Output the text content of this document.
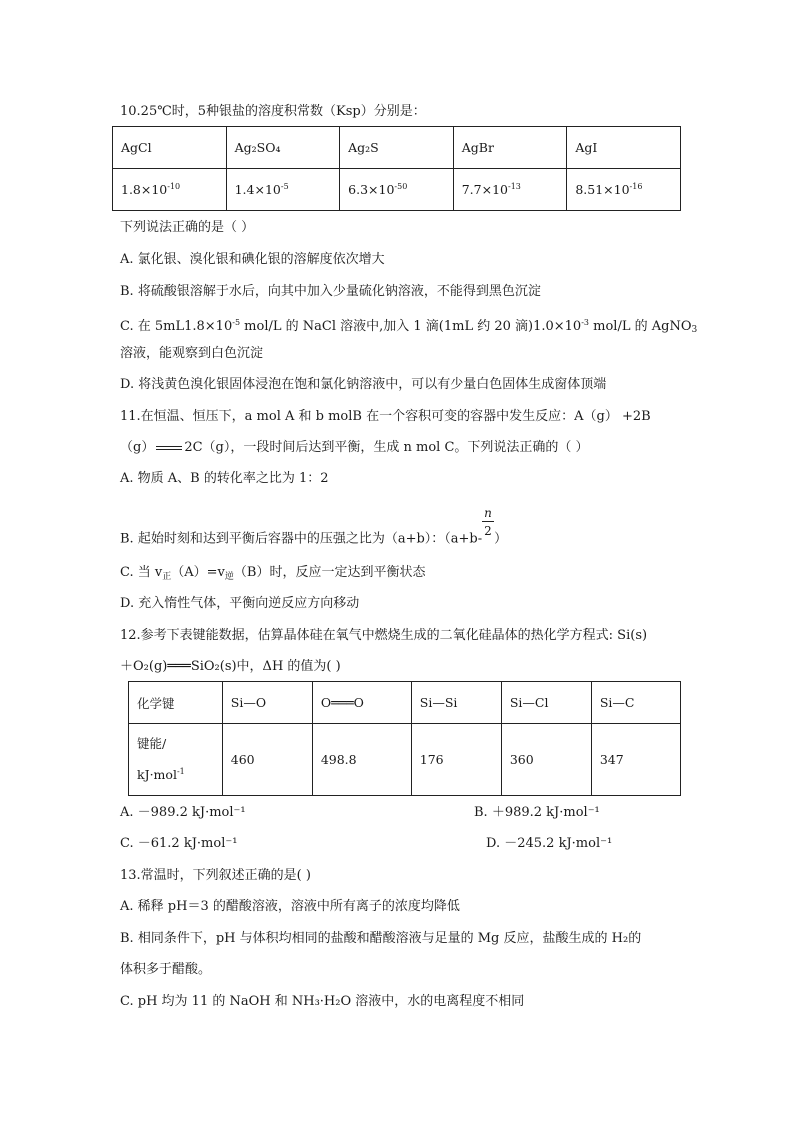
10.25℃时，5种银盐的溶度积常数（Ksp）分别是：
AgCl	Ag₂SO₄	Ag₂S	AgBr	AgI
$1.8\times 10^{-10}$	$1.4\times 10^{-5}$	$6.3\times 10^{-50}$	$7.7\times 10^{-13}$	$8.51\times 10^{-16}$
下列说法正确的是（ ）
A. 氯化银、溴化银和碘化银的溶解度依次增大
B. 将硫酸银溶解于水后，向其中加入少量硫化钠溶液，不能得到黑色沉淀
C. 在 $5mL1.8\times 10^{-5}$ mol/L 的 NaCl 溶液中,加入 1 滴(1mL 约 20 滴)$1.0\times 10^{-3}$ mol/L 的 AgNO$_3$
溶液，能观察到白色沉淀
D. 将浅黄色溴化银固体浸泡在饱和氯化钠溶液中，可以有少量白色固体生成窗体顶端
11.在恒温、恒压下，a mol A 和 b molB 在一个容积可变的容器中发生反应：A（g） +2B
（g） 2C（g），一段时间后达到平衡，生成 n mol C。下列说法正确的（ ）
A. 物质 A、B 的转化率之比为 1：2
B. 起始时刻和达到平衡后容器中的压强之比为（a+b）：（$a+b- \frac{n}{2}$ ）
C. 当 $v_正(A)=v_逆(B)$时，反应一定达到平衡状态
D. 充入惰性气体，平衡向逆反应方向移动
12.参考下表键能数据，估算晶体硅在氧气中燃烧生成的二氧化硅晶体的热化学方程式: Si(s)
＋O₂(g)═══SiO₂(s)中，ΔH 的值为( )
化学键	Si—O	O═══O	Si—Si	Si—Cl	Si—C
键能/
kJ·mol$^{-1}$	460	498.8	176	360	347
A. －989.2 kJ·mol⁻¹	B. ＋989.2 kJ·mol⁻¹
C. －61.2 kJ·mol⁻¹	D. －245.2 kJ·mol⁻¹
13.常温时，下列叙述正确的是( )
A. 稀释 pH＝3 的醋酸溶液，溶液中所有离子的浓度均降低
B. 相同条件下，pH 与体积均相同的盐酸和醋酸溶液与足量的 Mg 反应，盐酸生成的 H₂的
体积多于醋酸。
C. pH 均为 11 的 NaOH 和 NH₃·H₂O 溶液中，水的电离程度不相同
